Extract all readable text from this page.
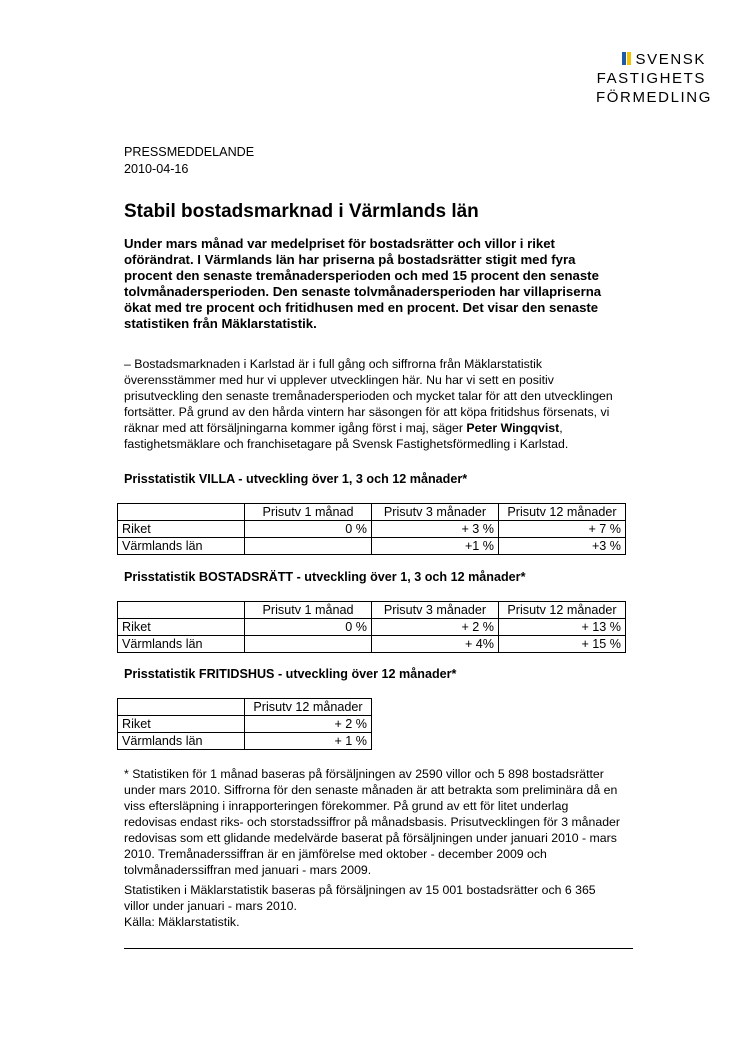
SVENSK
FASTIGHETS
FÖRMEDLING
PRESSMEDDELANDE
2010-04-16
Stabil bostadsmarknad i Värmlands län
Under mars månad var medelpriset för bostadsrätter och villor i riket
oförändrat. I Värmlands län har priserna på bostadsrätter stigit med fyra
procent den senaste tremånadersperioden och med 15 procent den senaste
tolvmånadersperioden. Den senaste tolvmånadersperioden har villapriserna
ökat med tre procent och fritidhusen med en procent. Det visar den senaste
statistiken från Mäklarstatistik.
– Bostadsmarknaden i Karlstad är i full gång och siffrorna från Mäklarstatistik
överensstämmer med hur vi upplever utvecklingen här. Nu har vi sett en positiv
prisutveckling den senaste tremånadersperioden och mycket talar för att den utvecklingen
fortsätter. På grund av den hårda vintern har säsongen för att köpa fritidshus försenats, vi
räknar med att försäljningarna kommer igång först i maj, säger Peter Wingqvist,
fastighetsmäklare och franchisetagare på Svensk Fastighetsförmedling i Karlstad.
Prisstatistik VILLA - utveckling över 1, 3 och 12 månader*
	Prisutv 1 månad	Prisutv 3 månader	Prisutv 12 månader
Riket	0 %	+ 3 %	+ 7 %
Värmlands län		+1 %	+3 %
Prisstatistik BOSTADSRÄTT - utveckling över 1, 3 och 12 månader*
	Prisutv 1 månad	Prisutv 3 månader	Prisutv 12 månader
Riket	0 %	+ 2 %	+ 13 %
Värmlands län		+ 4%	+ 15 %
Prisstatistik FRITIDSHUS - utveckling över 12 månader*
	Prisutv 12 månader
Riket	+ 2 %
Värmlands län	+ 1 %
* Statistiken för 1 månad baseras på försäljningen av 2590 villor och 5 898 bostadsrätter
under mars 2010. Siffrorna för den senaste månaden är att betrakta som preliminära då en
viss eftersläpning i inrapporteringen förekommer. På grund av ett för litet underlag
redovisas endast riks- och storstadssiffror på månadsbasis. Prisutvecklingen för 3 månader
redovisas som ett glidande medelvärde baserat på försäljningen under januari 2010 - mars
2010. Tremånaderssiffran är en jämförelse med oktober - december 2009 och
tolvmånaderssiffran med januari - mars 2009.
Statistiken i Mäklarstatistik baseras på försäljningen av 15 001 bostadsrätter och 6 365
villor under januari - mars 2010.
Källa: Mäklarstatistik.
